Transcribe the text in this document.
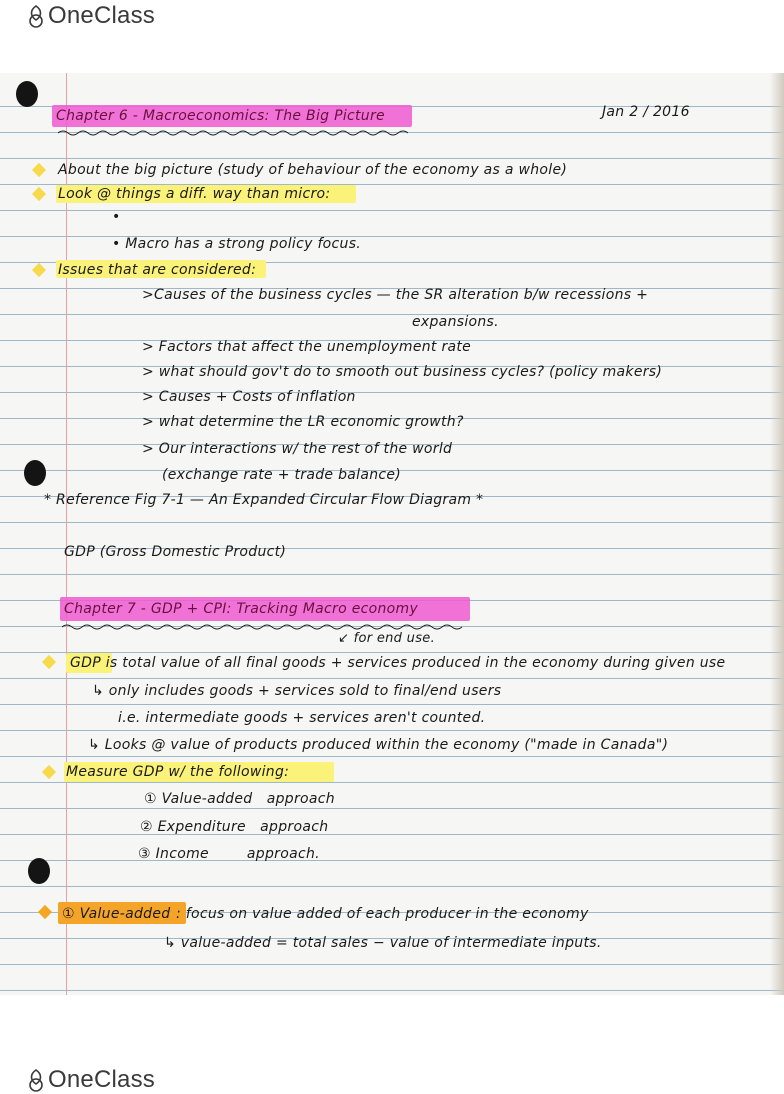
OneClass
Chapter 6 - Macroeconomics: The Big Picture	Jan 2 / 2016
About the big picture (study of behaviour of the economy as a whole)
Look @ things a diff. way than micro:
•
• Macro has a strong policy focus.
Issues that are considered:
>Causes of the business cycles — the SR alteration b/w recessions +
expansions.
> Factors that affect the unemployment rate
> what should gov't do to smooth out business cycles? (policy makers)
> Causes + Costs of inflation
> what determine the LR economic growth?
> Our interactions w/ the rest of the world
(exchange rate + trade balance)
* Reference Fig 7-1 — An Expanded Circular Flow Diagram *
GDP (Gross Domestic Product)
Chapter 7 - GDP + CPI: Tracking Macro economy
↙ for end use.
GDP is total value of all final goods + services produced in the economy during given use
↳ only includes goods + services sold to final/end users
i.e. intermediate goods + services aren't counted.
↳ Looks @ value of products produced within the economy ("made in Canada")
Measure GDP w/ the following:
① Value-added   approach
② Expenditure   approach
③ Income        approach.
① Value-added : focus on value added of each producer in the economy
↳ value-added = total sales − value of intermediate inputs.
OneClass
